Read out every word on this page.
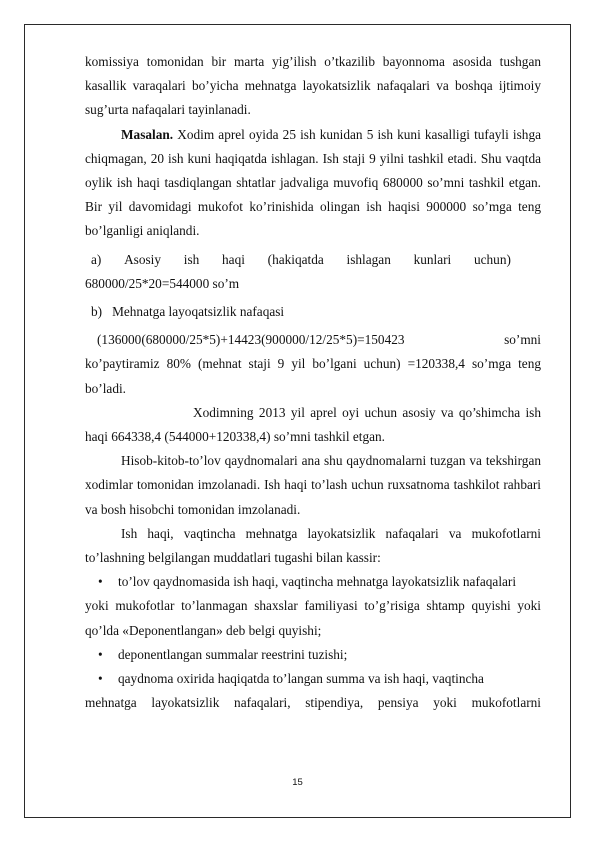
komissiya tomonidan bir marta yig’ilish o’tkazilib bayonnoma asosida tushgan kasallik varaqalari bo’yicha mehnatga layokatsizlik nafaqalari va boshqa ijtimoiy sug’urta nafaqalari tayinlanadi.

Masalan. Xodim aprel oyida 25 ish kunidan 5 ish kuni kasalligi tufayli ishga chiqmagan, 20 ish kuni haqiqatda ishlagan. Ish staji 9 yilni tashkil etadi. Shu vaqtda oylik ish haqi tasdiqlangan shtatlar jadvaliga muvofiq 680000 so’mni tashkil etgan. Bir yil davomidagi mukofot ko’rinishida olingan ish haqisi 900000 so’mga teng bo’lganligi aniqlandi.

a) Asosiy ish haqi (hakiqatda ishlagan kunlari uchun)

680000/25*20=544000 so’m

b) Mehnatga layoqatsizlik nafaqasi

(136000(680000/25*5)+14423(900000/12/25*5)=150423	so’mni

ko’paytiramiz 80% (mehnat staji 9 yil bo’lgani uchun) =120338,4 so’mga teng bo’ladi.

Xodimning 2013 yil aprel oyi uchun asosiy va qo’shimcha ish haqi 664338,4 (544000+120338,4) so’mni tashkil etgan.

Hisob-kitob-to’lov qaydnomalari ana shu qaydnomalarni tuzgan va tekshirgan xodimlar tomonidan imzolanadi. Ish haqi to’lash uchun ruxsatnoma tashkilot rahbari va bosh hisobchi tomonidan imzolanadi.

Ish haqi, vaqtincha mehnatga layokatsizlik nafaqalari va mukofotlarni to’lashning belgilangan muddatlari tugashi bilan kassir:

•	to’lov qaydnomasida ish haqi, vaqtincha mehnatga layokatsizlik nafaqalari

yoki mukofotlar to’lanmagan shaxslar familiyasi to’g’risiga shtamp quyishi yoki qo’lda «Deponentlangan» deb belgi quyishi;

•	deponentlangan summalar reestrini tuzishi;
•	qaydnoma oxirida haqiqatda to’langan summa va ish haqi, vaqtincha

mehnatga layokatsizlik nafaqalari, stipendiya, pensiya yoki mukofotlarni

15
